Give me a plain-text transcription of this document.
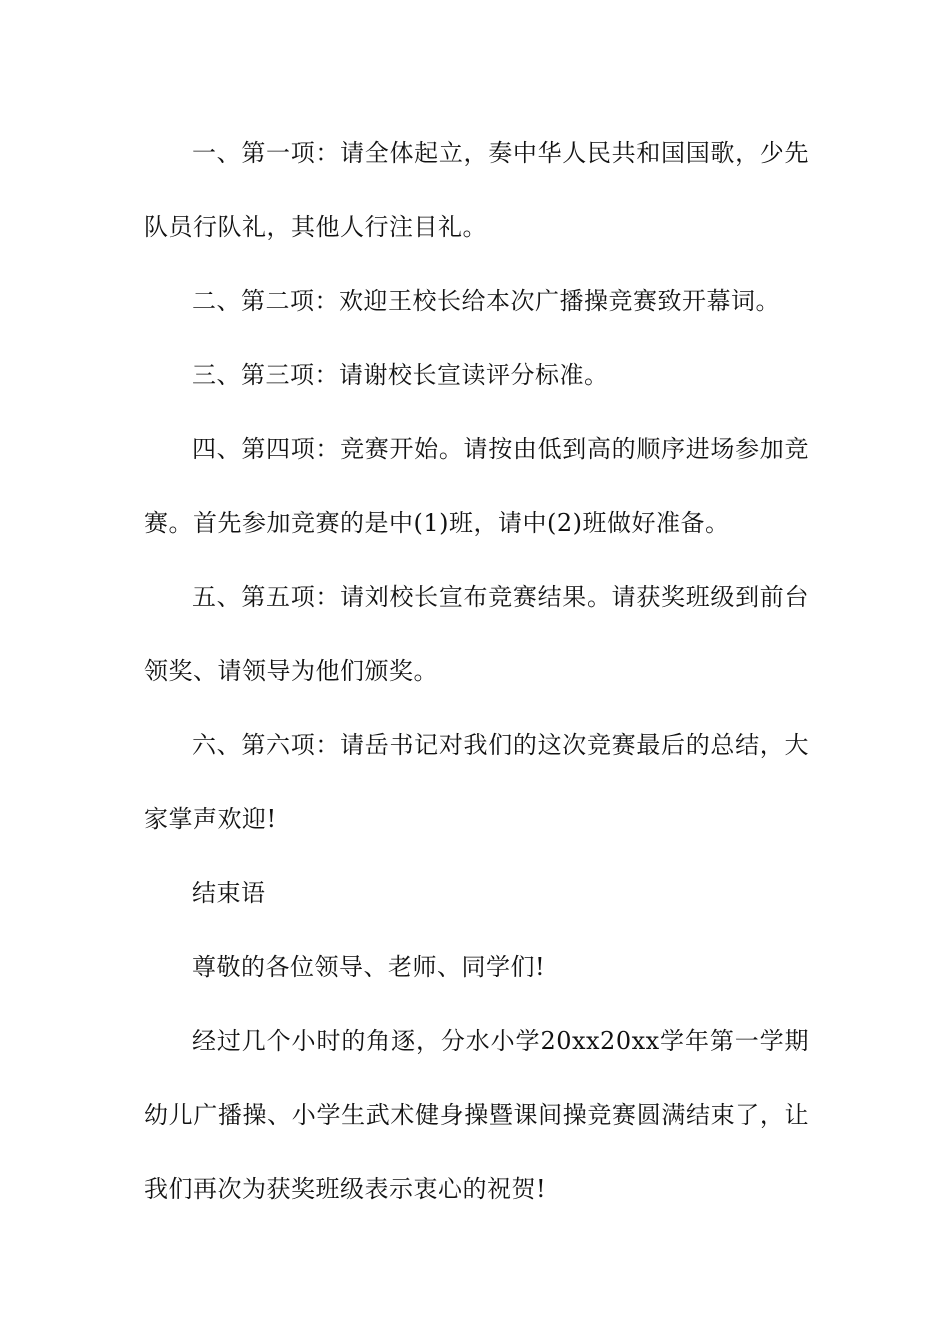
一、第一项：请全体起立，奏中华人民共和国国歌，少先队员行队礼，其他人行注目礼。

二、第二项：欢迎王校长给本次广播操竞赛致开幕词。

三、第三项：请谢校长宣读评分标准。

四、第四项：竞赛开始。请按由低到高的顺序进场参加竞赛。首先参加竞赛的是中(1)班，请中(2)班做好准备。

五、第五项：请刘校长宣布竞赛结果。请获奖班级到前台领奖、请领导为他们颁奖。

六、第六项：请岳书记对我们的这次竞赛最后的总结，大家掌声欢迎!

结束语

尊敬的各位领导、老师、同学们!

经过几个小时的角逐，分水小学20xx20xx学年第一学期幼儿广播操、小学生武术健身操暨课间操竞赛圆满结束了，让我们再次为获奖班级表示衷心的祝贺!
